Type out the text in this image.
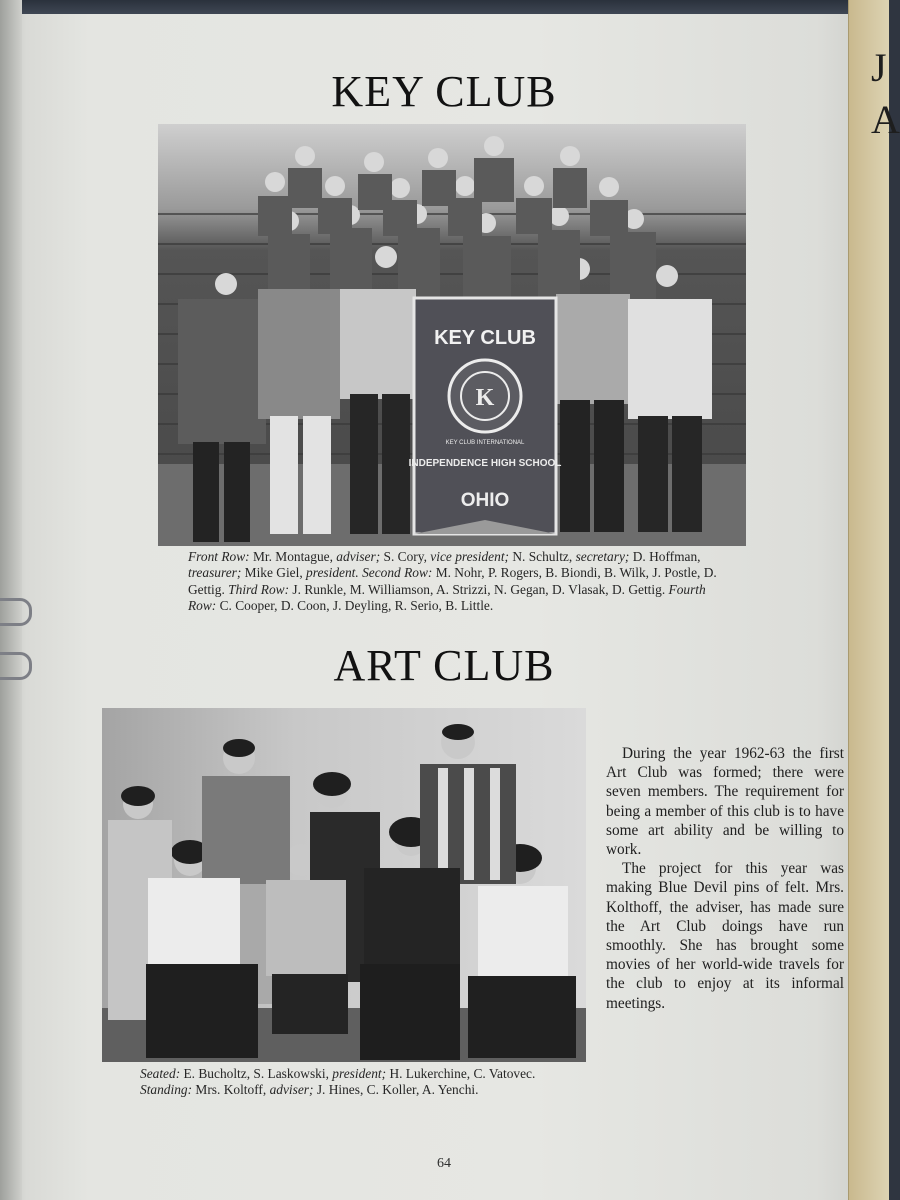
J
A
KEY CLUB
KEY CLUB
K
KEY CLUB INTERNATIONAL
INDEPENDENCE HIGH SCHOOL
OHIO
Front Row: Mr. Montague, adviser; S. Cory, vice president; N. Schultz, secretary; D. Hoffman, treasurer; Mike Giel, president. Second Row: M. Nohr, P. Rogers, B. Biondi, B. Wilk, J. Postle, D. Gettig. Third Row: J. Runkle, M. Williamson, A. Strizzi, N. Gegan, D. Vlasak, D. Gettig. Fourth Row: C. Cooper, D. Coon, J. Deyling, R. Serio, B. Little.
ART CLUB

During the year 1962-63 the first Art Club was formed; there were seven members. The requirement for being a member of this club is to have some art ability and be willing to work.

The project for this year was making Blue Devil pins of felt. Mrs. Kolthoff, the adviser, has made sure the Art Club doings have run smoothly. She has brought some movies of her world-wide travels for the club to enjoy at its informal meetings.

Seated: E. Bucholtz, S. Laskowski, president; H. Lukerchine, C. Vatovec. Standing: Mrs. Koltoff, adviser; J. Hines, C. Koller, A. Yenchi.
64
